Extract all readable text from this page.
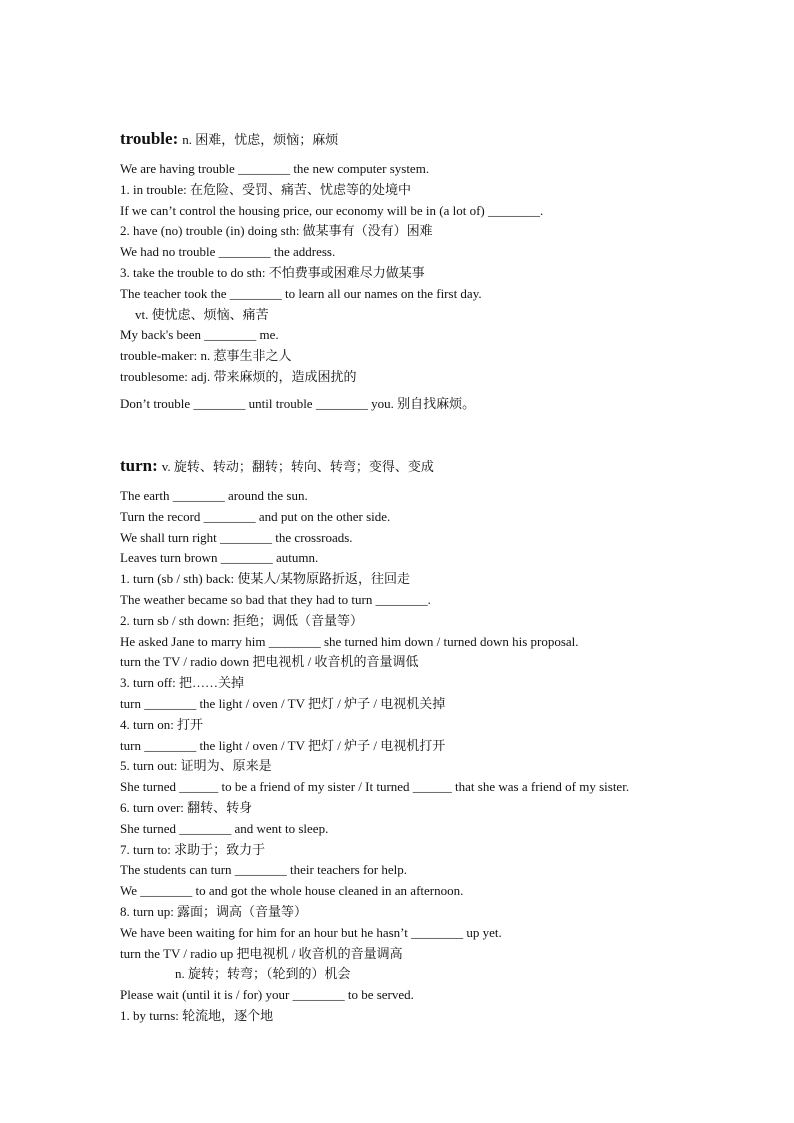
trouble: n. 困难，忧虑，烦恼；麻烦
We are having trouble ________ the new computer system.
1. in trouble: 在危险、受罚、痛苦、忧虑等的处境中
If we can’t control the housing price, our economy will be in (a lot of) ________.
2. have (no) trouble (in) doing sth: 做某事有（没有）困难
We had no trouble ________ the address.
3. take the trouble to do sth: 不怕费事或困难尽力做某事
The teacher took the ________ to learn all our names on the first day.
vt. 使忧虑、烦恼、痛苦
My back's been ________ me.
trouble-maker: n. 惹事生非之人
troublesome: adj. 带来麻烦的，造成困扰的
Don’t trouble ________ until trouble ________ you. 别自找麻烦。
turn: v. 旋转、转动；翻转；转向、转弯；变得、变成
The earth ________ around the sun.
Turn the record ________ and put on the other side.
We shall turn right ________ the crossroads.
Leaves turn brown ________ autumn.
1. turn (sb / sth) back: 使某人/某物原路折返，往回走
The weather became so bad that they had to turn ________.
2. turn sb / sth down: 拒绝；调低（音量等）
He asked Jane to marry him ________ she turned him down / turned down his proposal.
turn the TV / radio down 把电视机 / 收音机的音量调低
3. turn off: 把……关掉
turn ________ the light / oven / TV 把灯 / 炉子 / 电视机关掉
4. turn on: 打开
turn ________ the light / oven / TV 把灯 / 炉子 / 电视机打开
5. turn out: 证明为、原来是
She turned ______ to be a friend of my sister / It turned ______ that she was a friend of my sister.
6. turn over: 翻转、转身
She turned ________ and went to sleep.
7. turn to: 求助于；致力于
The students can turn ________ their teachers for help.
We ________ to and got the whole house cleaned in an afternoon.
8. turn up: 露面；调高（音量等）
We have been waiting for him for an hour but he hasn’t ________ up yet.
turn the TV / radio up 把电视机 / 收音机的音量调高
n. 旋转；转弯；（轮到的）机会
Please wait (until it is / for) your ________ to be served.
1. by turns: 轮流地，逐个地
